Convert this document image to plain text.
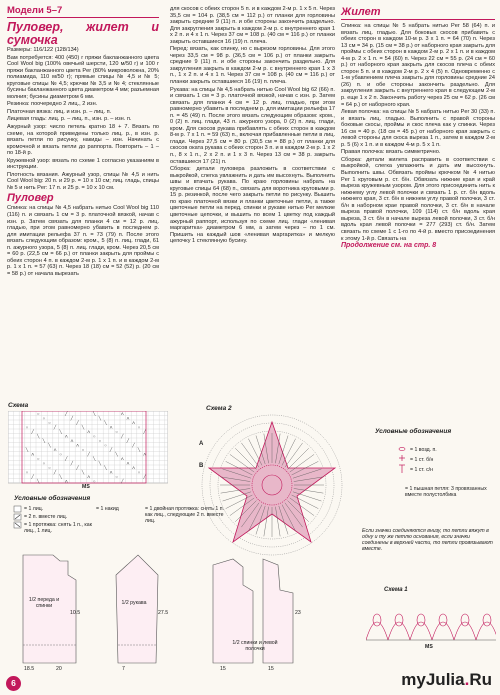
Модели 5–7

Пуловер, жилет и сумочка

Размеры: 116/122 (128/134)

Вам потребуется: 400 (450) г пряжи бакланжанного цвета Cool Wool big (100% овечьей шерсти, 120 м/50 г) и 100 г пряжи бакланжанного цвета Per (80% микроволокна, 20% полиамида, 110 м/50 г); прямые спицы № 4,5 и № 5; круговые спицы № 4,5; крючки № 3,5 и № 4; стеклянные бусины бакланжанного цвета диаметром 4 мм; разъемная молния; бусины диаметром 6 мм.

Резинка: поочередно 2 лиц., 2 изн.

Платочная вязка: лиц. и изн. р. – лиц. п.

Лицевая гладь: лиц. р. – лиц. п., изн. р. – изн. п.

Ажурный узор: число петель кратно 18 + 7. Вязать по схеме, на которой приведены только лиц. р., в изн. р. вязать петли по рисунку, накиды – изн. Начинать с кромочной и вязать петли до раппорта. Повторить – 1 – по 18-й р.

Кружевной узор: вязать по схеме 1 согласно указаниям в инструкции.

Плотность вязания. Ажурный узор, спицы № 4,5 и нить Cool Wool big: 20 п. и 29 р. = 10 х 10 см; лиц. гладь, спицы № 5 и нить Per: 17 п. и 25 р. = 10 х 10 см.

Пуловер

Спинка: на спицы № 4,5 набрать нитью Cool Wool big 110 (116) п. и связать 1 см = 3 р. платочной вязкой, начав с изн. р. Затем связать для планки 4 см = 12 р. лиц. гладью, при этом равномерно убавить в последнем р. для имитации рельефа 37 п. = 73 (79) п. После этого вязать следующим образом: кром., 5 (8) п. лиц. глади, 61 п. ажурного узора, 5 (8) п. лиц. глади, кром. Через 20,5 см = 60 р. (22,5 см = 66 р.) от планки закрыть для проймы с обеих сторон 4 п. в каждом 2-м р. 1 х 1 п. и в каждом 2-м р. 1 х 1 п. = 57 (63) п. Через 18 (18) см = 52 (52) р. (20 см = 58 р.) от начала вырезать

для скосов с обеих сторон 5 п. и в каждом 2-м р. 1 х 5 п. Через 35,5 см = 104 р. (38,5 см = 112 р.) от планки для горловины закрыть средние 9 (11) п. и обе стороны закончить раздельно. Для закругления закрыть в каждом 2-м р. с внутреннего края 1 х 2 п. и 4 х 1 п. Через 37 см = 108 р. (40 см = 116 р.) от планки закрыть оставшиеся 16 (19) п. плеча.

Перед: вязать, как спинку, но с вырезом горловины. Для этого через 33,5 см = 98 р. (36,5 см = 106 р.) от планки закрыть средние 9 (11) п. и обе стороны закончить раздельно. Для закругления закрыть в каждом 2-м р. с внутреннего края 1 х 3 п., 1 х 2 п. и 4 х 1 п. Через 37 см = 108 р. (40 см = 116 р.) от планки закрыть оставшиеся 16 (19) п. плеча.

Рукава: на спицы № 4,5 набрать нитью Cool Wool big 62 (66) п. и связать 1 см = 3 р. платочной вязкой, начав с изн. р. Затем связать для планки 4 см = 12 р. лиц. гладью, при этом равномерно убавить в последнем р. для имитации рельефа 17 п. = 45 (49) п. После этого вязать следующим образом: кром., 0 (2) п. лиц. глади, 43 п. ажурного узора, 0 (2) п. лиц. глади, кром. Для скосов рукава прибавлять с обеих сторон в каждом 8-м р. 7 х 1 п. = 59 (63) п., включая прибавленные петли в лиц. глади. Через 27,5 см = 80 р. (30,5 см = 88 р.) от планки для скосов оката рукава с обеих сторон 3 п. и в каждом 2-м р. 1 х 2 п., 8 х 1 п., 2 х 2 п. и 1 х 3 п. Через 13 см = 38 р. закрыть оставшиеся 17 (21) п.

Сборка: детали пуловера разложить в соответствии с выкройкой, слегка увлажнить и дать им высохнуть. Выполнить швы и втачать рукава. По краю горловины набрать на круговые спицы 64 (68) п., связать для воротника круговыми р. 15 р. резинкой, после чего закрыть петли по рисунку. Вышить по краю платочной вязки и планки цветочные петли, а также цветочные петли на перед, спинки и рукаве нитью Per мелкие цветочные цепочки, и вышить по всем 1 цветку под каждый ажурный раппорт, используя по схеме лиц. глади «ленивая маргаритка» диаметром 6 мм, а затем через – по 1 см. Пришить на каждый шов «ленивая маргаритка» и мелкую цепочку 1 стеклянную бусину.

Жилет

Спинка: на спицы № 5 набрать нитью Per 58 (64) п. и вязать лиц. гладью. Для боковых скосов прибавить с обеих сторон в каждом 10-м р. 3 х 1 п. = 64 (70) п. Через 13 см = 34 р. (15 см = 38 р.) от наборного края закрыть для проймы с обеих сторон в каждом 2-м р. 2 х 1 п. и в каждом 4-м р. 2 х 1 п. = 54 (60) п. Через 22 см = 55 р. (24 см = 60 р.) от наборного края закрыть для скосов плеча с обеих сторон 5 п. и в каждом 2-м р. 2 х 4 (5) п. Одновременно с 1-м убавлением плеча закрыть для горловины средние 24 (26) п. и обе стороны закончить раздельно. Для закругления закрыть с внутреннего края в следующем 2-м р. еще 1 х 2 п. Закончить работу через 25 см = 62 р. (26 см = 64 р.) от наборного края.

Левая полочка: на спицы № 5 набрать нитью Per 30 (33) п. и вязать лиц. гладью. Выполнить с правой стороны боковые скосы, проймы и скос плеча как у спинки. Через 16 см = 40 р. (18 см = 45 р.) от наборного края закрыть с левой стороны для скоса выреза 1 п., затем в каждом 2-м р. 5 (6) х 1 п. и в каждом 4-м р. 5 х 1 п.

Правая полочка: вязать симметрично.

Сборка: детали жилета расправить в соответствии с выкройкой, слегка увлажнить и дать им высохнуть. Выполнить швы. Обвязать проймы крючком № 4 нитью Per 1 круговым р. ст. б/н. Обвязать нижние края и край выреза кружевным узором. Для этого присоединить нить к нижнему углу левой полочки и связать 1 р. ст. б/н вдоль нижнего края, 3 ст. б/н в нижнем углу правой полочки, 3 ст. б/н в наборном крае правой полочки, 3 ст. б/н в начале выреза правой полочки, 109 (114) ст. б/н вдоль края выреза, 3 ст. б/н в начале выреза левой полочки, 3 ст. б/н вдоль края левой полочки = 277 (293) ст. б/н. Затем связать по схеме 1 с 1-го по 4-й р. вместо присоединения к этому 1-й р. Связать на

Продолжение см. на стр. 8

Схема
○	╱	╲	Λ
○	╱	╲	Λ
○	╱	╲	Λ
○	╱	╲	Λ	○
╱	╲	Λ	○	╱
╲	Λ	○	╱
╲	Λ	○	╱
╲	Λ	○	╱
╲	Λ	○	╱	╲
Λ	○	╱	╲	Λ
○	╱	╲	Λ
○	╱	╲	Λ
○	╱	╲	Λ
○	╱	╲	Λ	○
╱	╲	Λ	○	╱
╲	Λ	○	╱
MS
Схема 2
A
B
Условные обозначения
= 1 возд. п.
= 1 ст. б/н
= 1 ст. с/н
= 1 пышная петля: 3 провязанных вместе полустолбика
Если значки соединяются внизу, то петли вяжут в одну и ту же петлю основания, если значки соединены в верхней части, то петли провязывают вместе.
Схема 1
MS
Условные обозначения
= 1 лиц.
= 2 п. вместе лиц.
= 1 протяжка: снять 1 п., как лиц., 1 лиц.
= 1 накид	= 1 двойная протяжка: снять 1 п. как лиц., следующие 2 п. вместе лиц.
1/2 переда и спинки	1/2 рукава
1/2 спинки и левой полочки
18.5	20	7
10.5
15	15
27.5	23
6	myJulia.Ru
